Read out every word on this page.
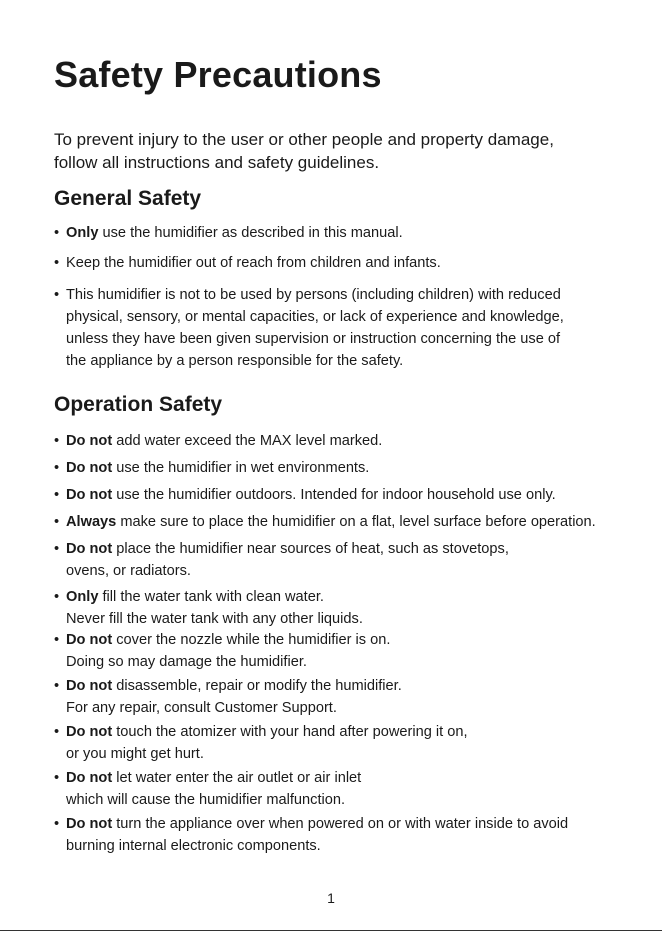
Safety Precautions

To prevent injury to the user or other people and property damage,
follow all instructions and safety guidelines.

General Safety
• Only use the humidifier as described in this manual.
• Keep the humidifier out of reach from children and infants.
• This humidifier is not to be used by persons (including children) with reduced
physical, sensory, or mental capacities, or lack of experience and knowledge,
unless they have been given supervision or instruction concerning the use of
the appliance by a person responsible for the safety.
Operation Safety
• Do not add water exceed the MAX level marked.
• Do not use the humidifier in wet environments.
• Do not use the humidifier outdoors. Intended for indoor household use only.
• Always make sure to place the humidifier on a flat, level surface before operation.
• Do not place the humidifier near sources of heat, such as stovetops,
ovens, or radiators.
• Only fill the water tank with clean water.
Never fill the water tank with any other liquids.
• Do not cover the nozzle while the humidifier is on.
Doing so may damage the humidifier.
• Do not disassemble, repair or modify the humidifier.
For any repair, consult Customer Support.
• Do not touch the atomizer with your hand after powering it on,
or you might get hurt.
• Do not let water enter the air outlet or air inlet
which will cause the humidifier malfunction.
• Do not turn the appliance over when powered on or with water inside to avoid
burning internal electronic components.
1
